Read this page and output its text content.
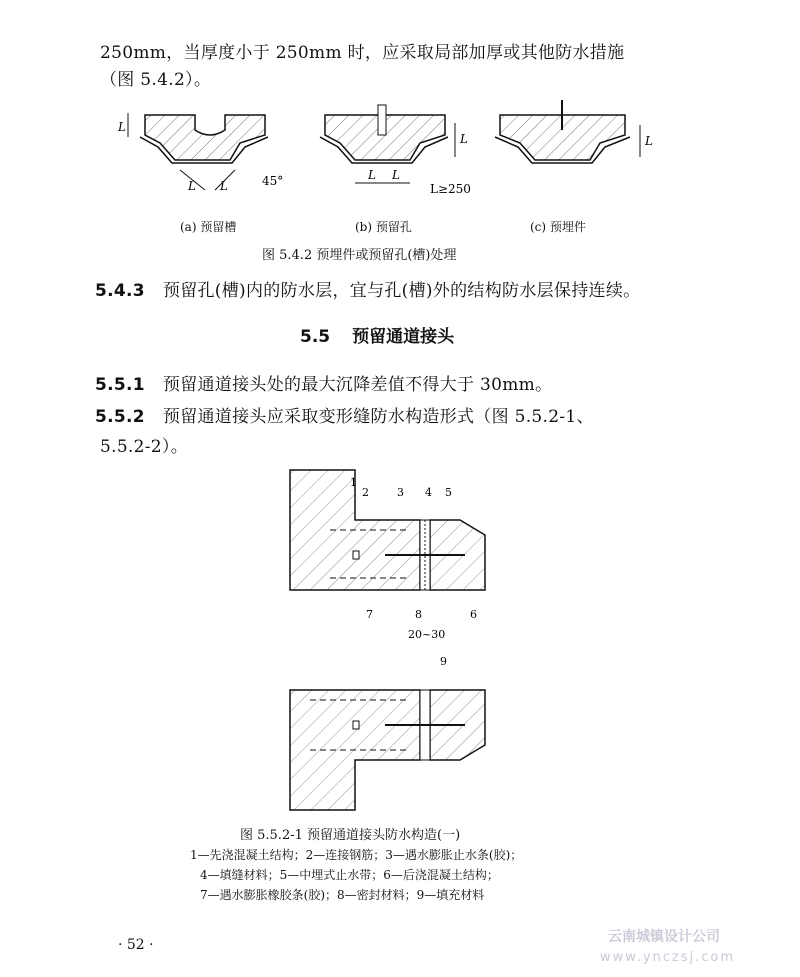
250mm，当厚度小于 250mm 时，应采取局部加厚或其他防水措施
（图 5.4.2）。
L
L L	45°
L
L L
L≥250
L
(a) 预留槽	(b) 预留孔	(c) 预埋件
图 5.4.2 预埋件或预留孔(槽)处理
5.4.3 预留孔(槽)内的防水层，宜与孔(槽)外的结构防水层保持连续。
5.5 预留通道接头
5.5.1 预留通道接头处的最大沉降差值不得大于 30mm。
5.5.2 预留通道接头应采取变形缝防水构造形式（图 5.5.2-1、
5.5.2-2）。
2	3 4 5
1
7	8	6
20~30
9
图 5.5.2-1 预留通道接头防水构造(一)
1—先浇混凝土结构；2—连接钢筋；3—遇水膨胀止水条(胶)；
4—填缝材料；5—中埋式止水带；6—后浇混凝土结构；
7—遇水膨胀橡胶条(胶)；8—密封材料；9—填充材料
· 52 ·	云南城镇设计公司
www.ynczsj.com
